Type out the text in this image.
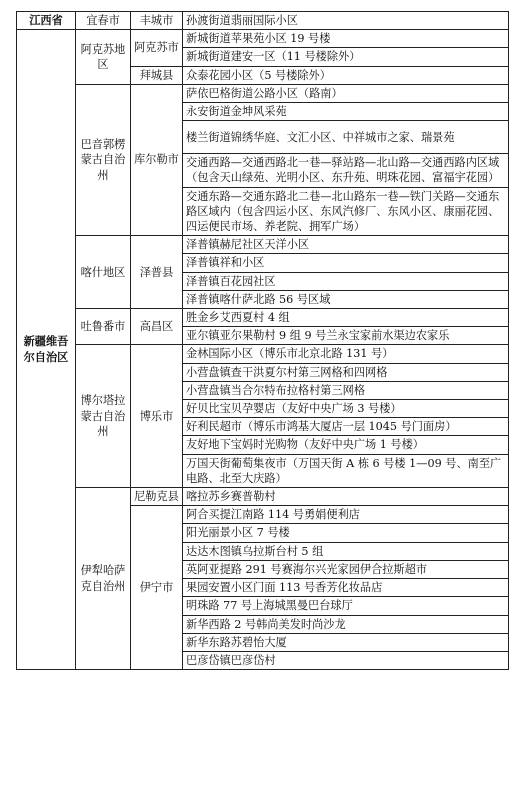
江西省	宜春市	丰城市	孙渡街道翡丽国际小区
新疆维吾尔自治区	阿克苏地区	阿克苏市	新城街道苹果苑小区 19 号楼
			新城街道建安一区（11 号楼除外）
		拜城县	众泰花园小区（5 号楼除外）
	巴音郭楞蒙古自治州	库尔勒市	萨依巴格街道公路小区（路南）
			永安街道金坤风采苑
			楼兰街道锦绣华庭、文汇小区、中祥城市之家、瑞景苑
			交通西路—交通西路北一巷—驿站路—北山路—交通西路内区域（包含天山绿苑、光明小区、东升苑、明珠花园、富福宇花园）
			交通东路—交通东路北二巷—北山路东一巷—铁门关路—交通东路区域内（包含四运小区、东风汽修厂、东风小区、康丽花园、四运便民市场、养老院、拥军广场）
	喀什地区	泽普县	泽普镇赫尼社区天洋小区
			泽普镇祥和小区
			泽普镇百花园社区
			泽普镇喀什萨北路 56 号区域
	吐鲁番市	高昌区	胜金乡艾西夏村 4 组
			亚尔镇亚尔果勒村 9 组 9 号兰永宝家前水渠边农家乐
	博尔塔拉蒙古自治州	博乐市	金林国际小区（博乐市北京北路 131 号）
			小营盘镇查干洪夏尔村第三网格和四网格
			小营盘镇当合尔特布拉格村第三网格
			好贝比宝贝孕婴店（友好中央广场 3 号楼）
			好利民超市（博乐市鸿基大厦店一层 1045 号门面房）
			友好地下宝妈时光购物（友好中央广场 1 号楼）
			万国天街葡萄集夜市（万国天街 A 栋 6 号楼 1—09 号、南至广电路、北至大庆路）
	伊犁哈萨克自治州	尼勒克县	喀拉苏乡赛普勒村
		伊宁市	阿合买提江南路 114 号勇娟便利店
			阳光丽景小区 7 号楼
			达达木图镇乌拉斯台村 5 组
			英阿亚提路 291 号赛海尔兴光家园伊合拉斯超市
			果园安置小区门面 113 号香芳化妆品店
			明珠路 77 号上海城黑曼巴台球厅
			新华西路 2 号韩尚美发时尚沙龙
			新华东路苏碧怡大厦
			巴彦岱镇巴彦岱村
